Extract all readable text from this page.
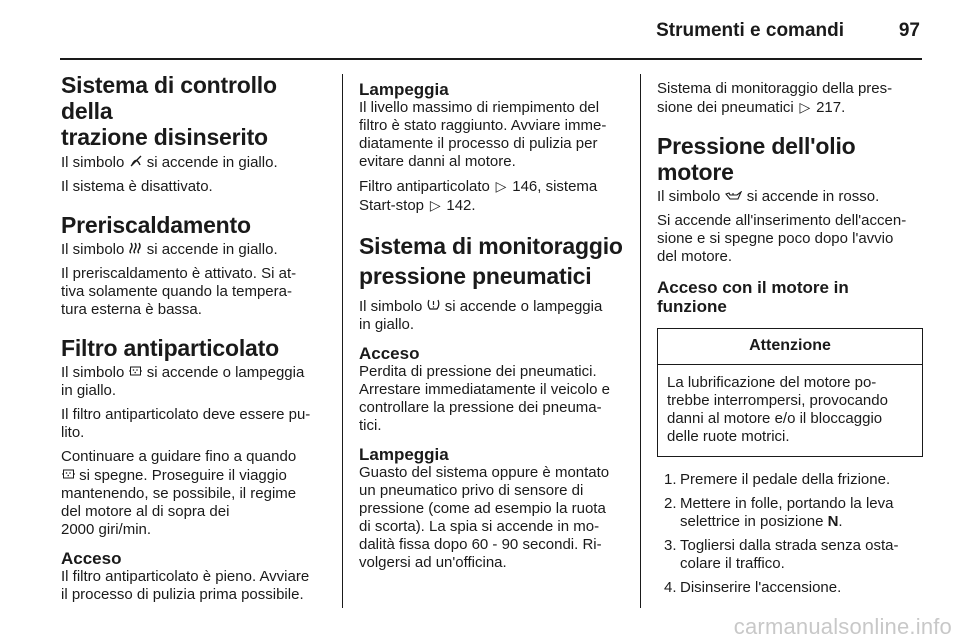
Strumenti e comandi	97
Sistema di controllo della
trazione disinserito

Il simbolo  si accende in giallo.

Il sistema è disattivato.

Preriscaldamento

Il simbolo  si accende in giallo.

Il preriscaldamento è attivato. Si at-
tiva solamente quando la tempera-
tura esterna è bassa.

Filtro antiparticolato

Il simbolo  si accende o lampeggia
in giallo.

Il filtro antiparticolato deve essere pu-
lito.

Continuare a guidare fino a quando
si spegne. Proseguire il viaggio
mantenendo, se possibile, il regime
del motore al di sopra dei
2000 giri/min.

Acceso

Il filtro antiparticolato è pieno. Avviare
il processo di pulizia prima possibile.

Lampeggia

Il livello massimo di riempimento del
filtro è stato raggiunto. Avviare imme-
diatamente il processo di pulizia per
evitare danni al motore.

Filtro antiparticolato ▷ 146, sistema
Start-stop ▷ 142.

Sistema di monitoraggio
pressione pneumatici

Il simbolo  si accende o lampeggia
in giallo.

Acceso

Perdita di pressione dei pneumatici.
Arrestare immediatamente il veicolo e
controllare la pressione dei pneuma-
tici.

Lampeggia

Guasto del sistema oppure è montato
un pneumatico privo di sensore di
pressione (come ad esempio la ruota
di scorta). La spia si accende in mo-
dalità fissa dopo 60 - 90 secondi. Ri-
volgersi ad un'officina.

Sistema di monitoraggio della pres-
sione dei pneumatici ▷ 217.

Pressione dell'olio motore

Il simbolo  si accende in rosso.

Si accende all'inserimento dell'accen-
sione e si spegne poco dopo l'avvio
del motore.

Acceso con il motore in funzione
Attenzione
La lubrificazione del motore po-
trebbe interrompersi, provocando
danni al motore e/o il bloccaggio
delle ruote motrici.
1. Premere il pedale della frizione.
2. Mettere in folle, portando la leva
selettrice in posizione N.
3. Togliersi dalla strada senza osta-
colare il traffico.
4. Disinserire l'accensione.
carmanualsonline.info
